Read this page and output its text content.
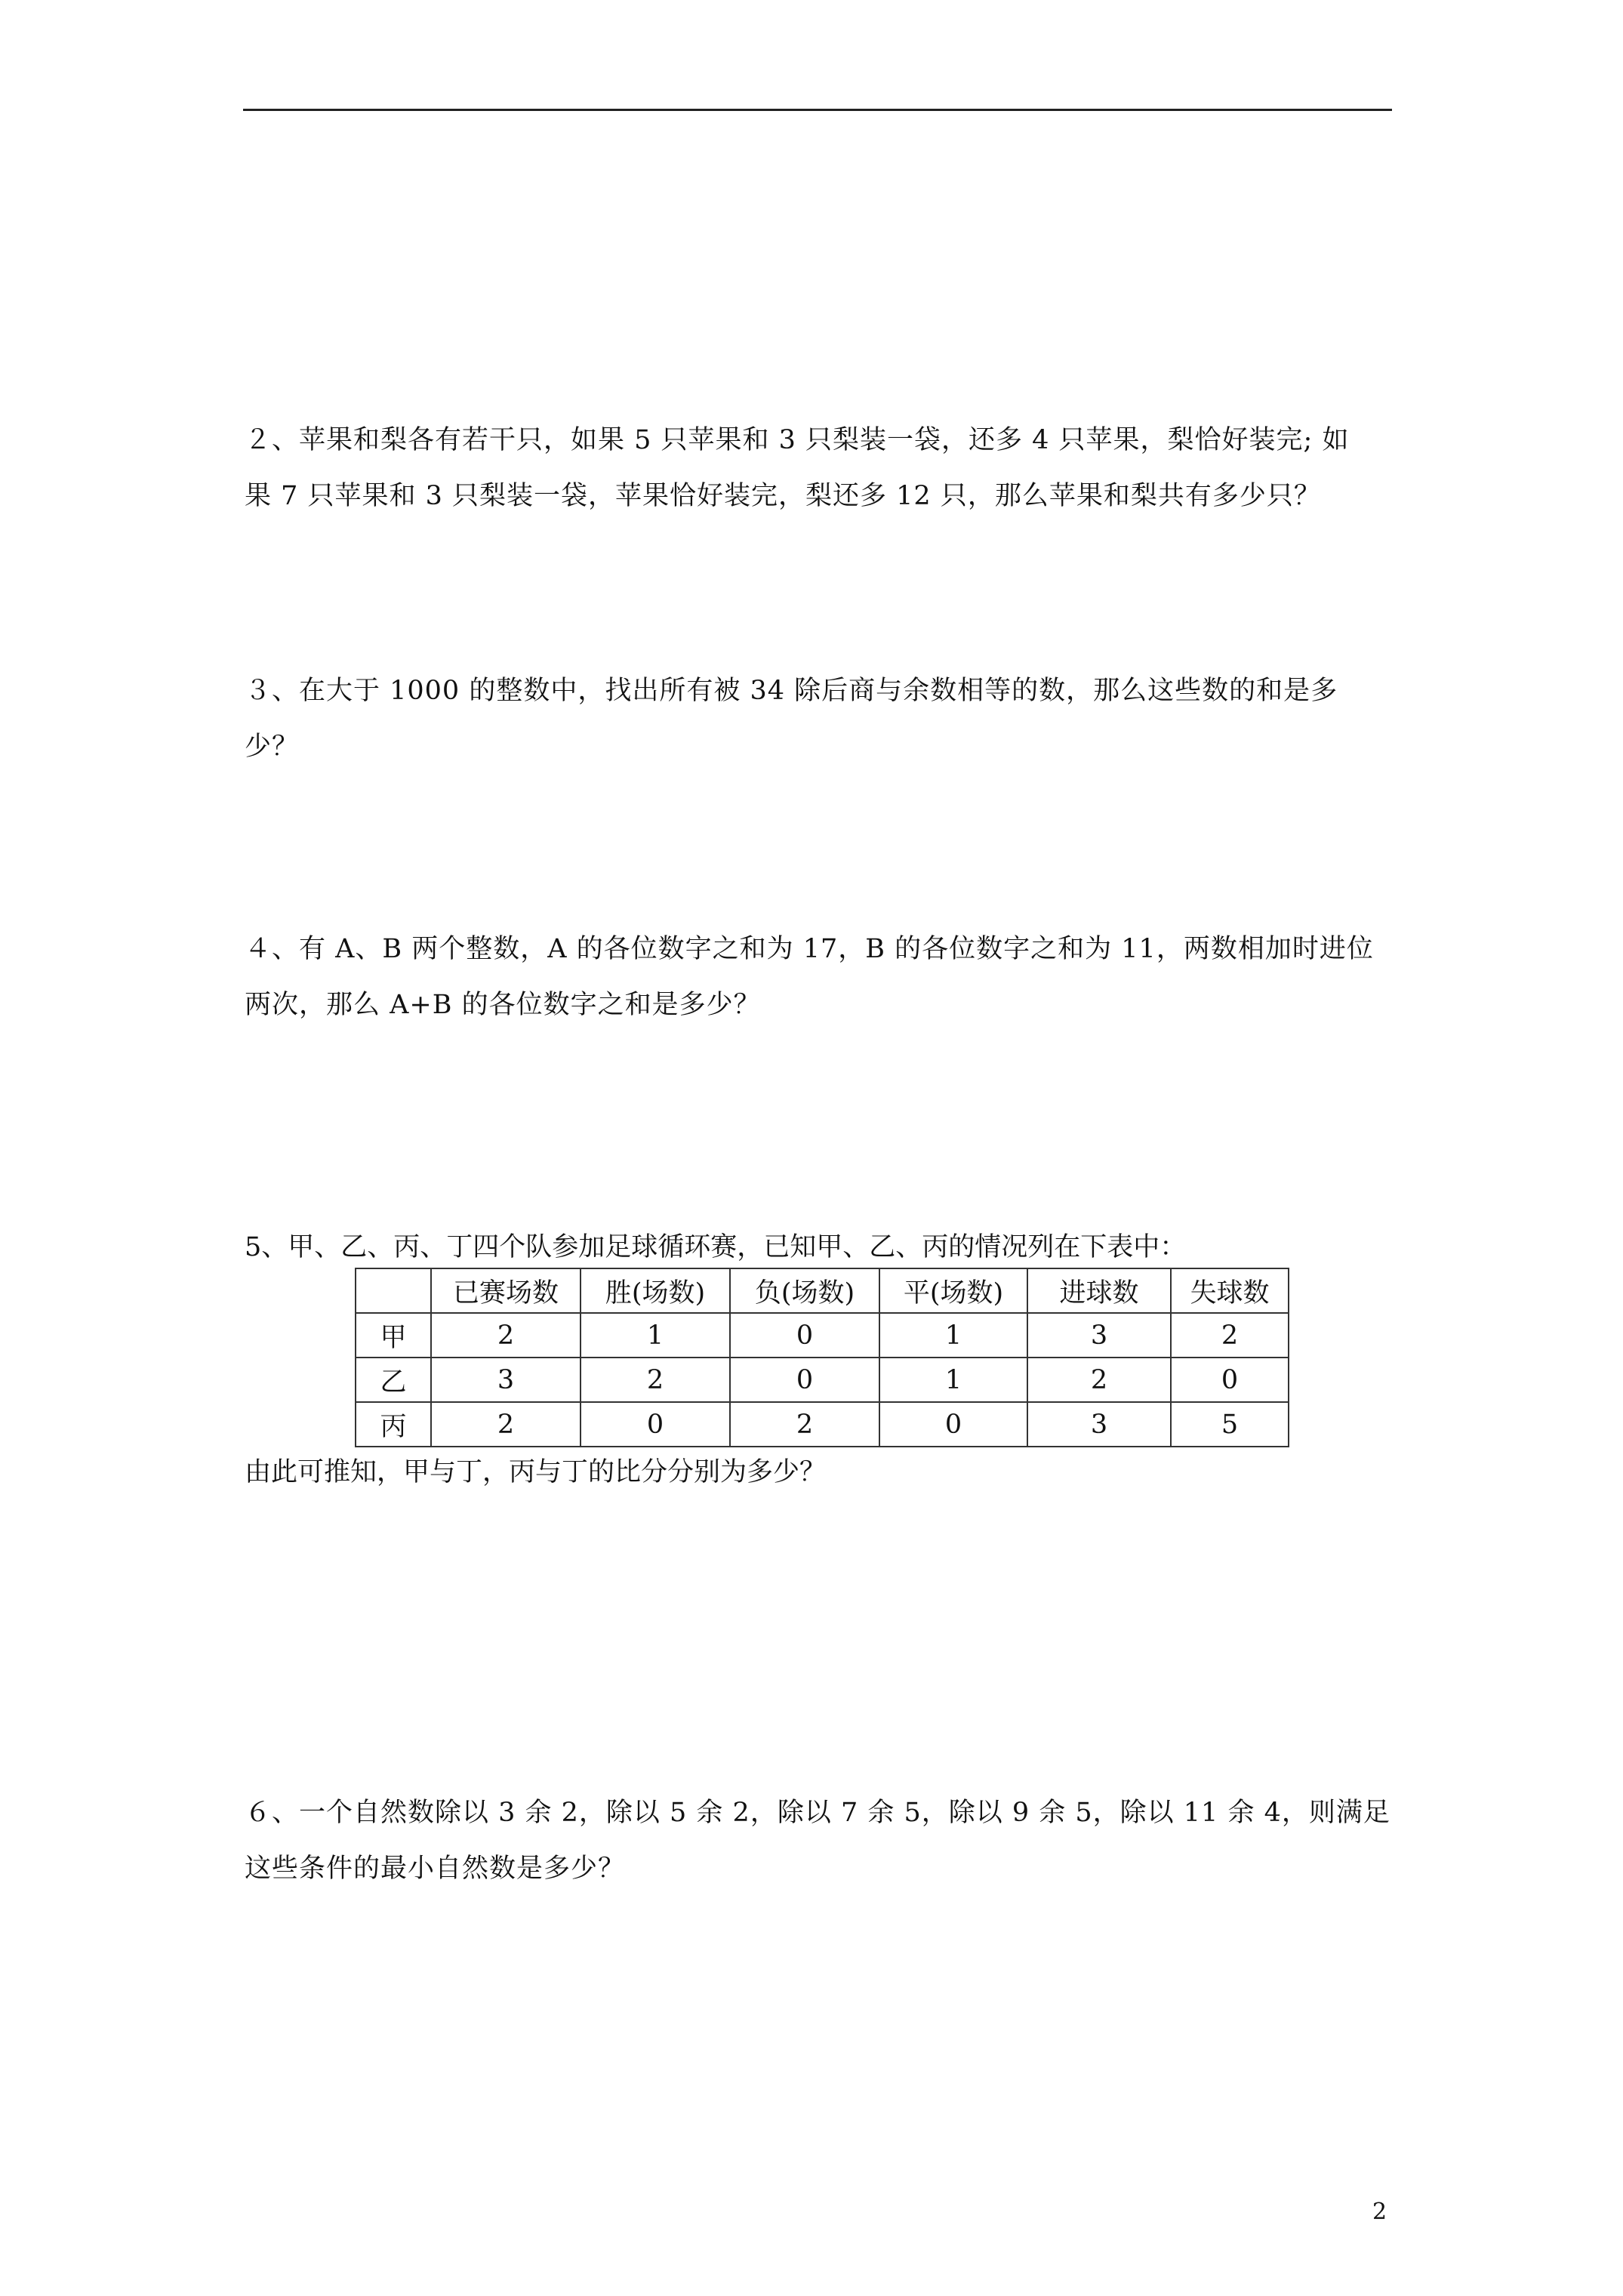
２、苹果和梨各有若干只，如果 5 只苹果和 3 只梨装一袋，还多 4 只苹果，梨恰好装完; 如

果 7 只苹果和 3 只梨装一袋，苹果恰好装完，梨还多 12 只，那么苹果和梨共有多少只？

３、在大于 1000 的整数中，找出所有被 34 除后商与余数相等的数，那么这些数的和是多少？

４、有 A、B 两个整数，A 的各位数字之和为 17，B 的各位数字之和为 11，两数相加时进位

两次，那么 A+B 的各位数字之和是多少？

5、甲、乙、丙、丁四个队参加足球循环赛，已知甲、乙、丙的情况列在下表中：
	已赛场数	胜(场数)	负(场数)	平(场数)	进球数	失球数
甲	2	1	0	1	3	2
乙	3	2	0	1	2	0
丙	2	0	2	0	3	5
由此可推知，甲与丁，丙与丁的比分分别为多少？

６、一个自然数除以 3 余 2，除以 5 余 2，除以 7 余 5，除以 9 余 5，除以 11 余 4，则满足

这些条件的最小自然数是多少？

2
